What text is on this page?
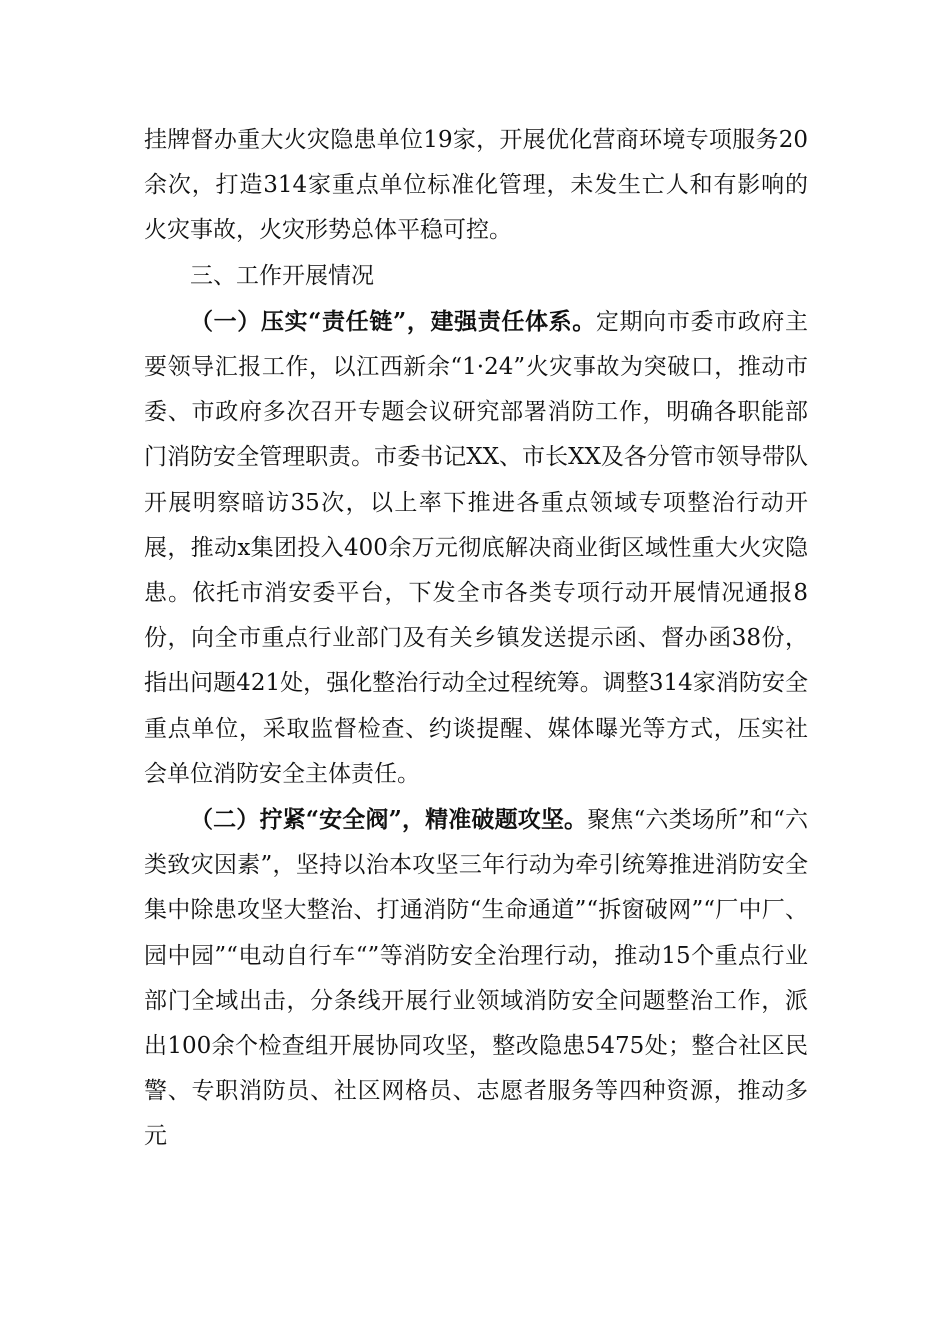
挂牌督办重大火灾隐患单位19家，开展优化营商环境专项服务20余次，打造314家重点单位标准化管理，未发生亡人和有影响的火灾事故，火灾形势总体平稳可控。

三、工作开展情况

（一）压实“责任链”，建强责任体系。定期向市委市政府主要领导汇报工作，以江西新余“1·24”火灾事故为突破口，推动市委、市政府多次召开专题会议研究部署消防工作，明确各职能部门消防安全管理职责。市委书记XX、市长XX及各分管市领导带队开展明察暗访35次，以上率下推进各重点领域专项整治行动开展，推动x集团投入400余万元彻底解决商业街区域性重大火灾隐患。依托市消安委平台，下发全市各类专项行动开展情况通报8份，向全市重点行业部门及有关乡镇发送提示函、督办函38份，指出问题421处，强化整治行动全过程统筹。调整314家消防安全重点单位，采取监督检查、约谈提醒、媒体曝光等方式，压实社会单位消防安全主体责任。

（二）拧紧“安全阀”，精准破题攻坚。聚焦“六类场所”和“六类致灾因素”，坚持以治本攻坚三年行动为牵引统筹推进消防安全集中除患攻坚大整治、打通消防“生命通道”“拆窗破网”“厂中厂、园中园”“电动自行车“”等消防安全治理行动，推动15个重点行业部门全域出击，分条线开展行业领域消防安全问题整治工作，派出100余个检查组开展协同攻坚，整改隐患5475处；整合社区民警、专职消防员、社区网格员、志愿者服务等四种资源，推动多元
